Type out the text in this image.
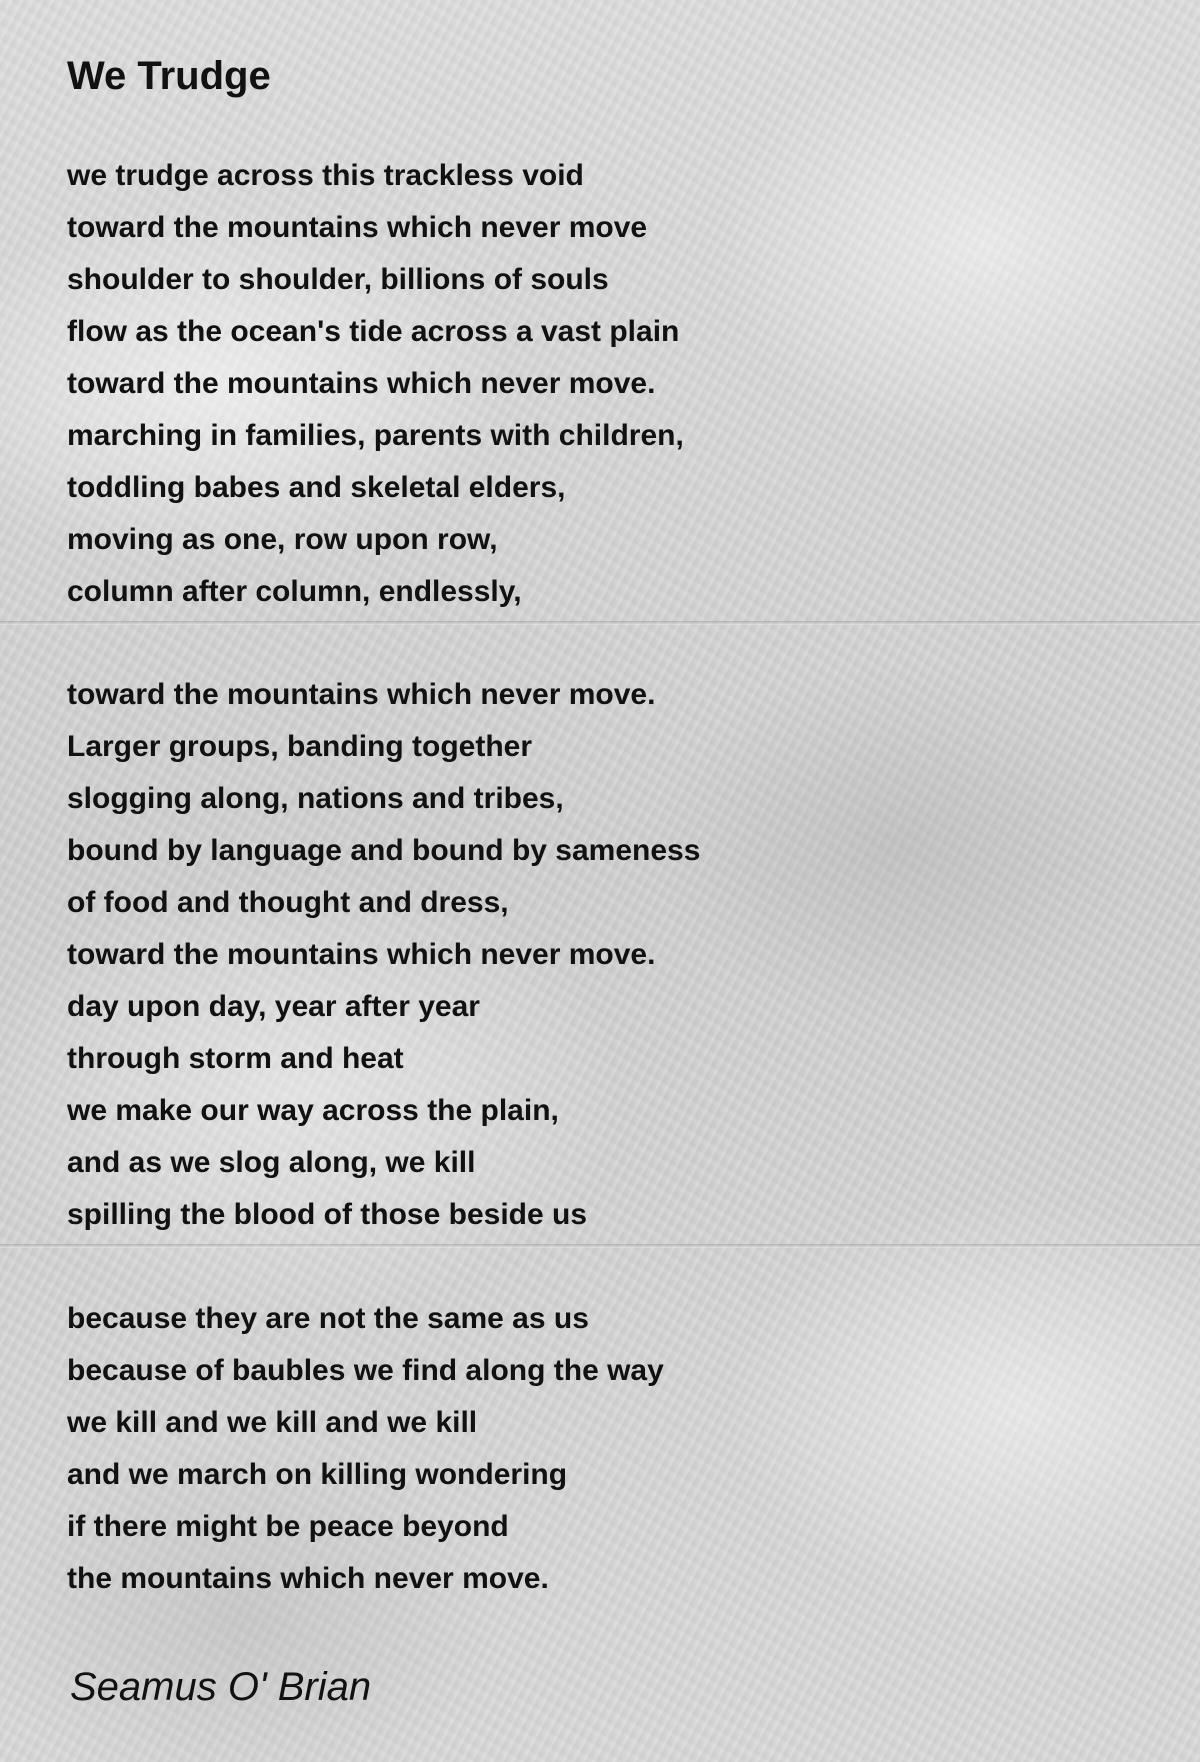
We Trudge
we trudge across this trackless void
toward the mountains which never move
shoulder to shoulder, billions of souls
flow as the ocean's tide across a vast plain
toward the mountains which never move.
marching in families, parents with children,
toddling babes and skeletal elders,
moving as one, row upon row,
column after column, endlessly,
toward the mountains which never move.
Larger groups, banding together
slogging along, nations and tribes,
bound by language and bound by sameness
of food and thought and dress,
toward the mountains which never move.
day upon day, year after year
through storm and heat
we make our way across the plain,
and as we slog along, we kill
spilling the blood of those beside us
because they are not the same as us
because of baubles we find along the way
we kill and we kill and we kill
and we march on killing wondering
if there might be peace beyond
the mountains which never move.

Seamus O' Brian
